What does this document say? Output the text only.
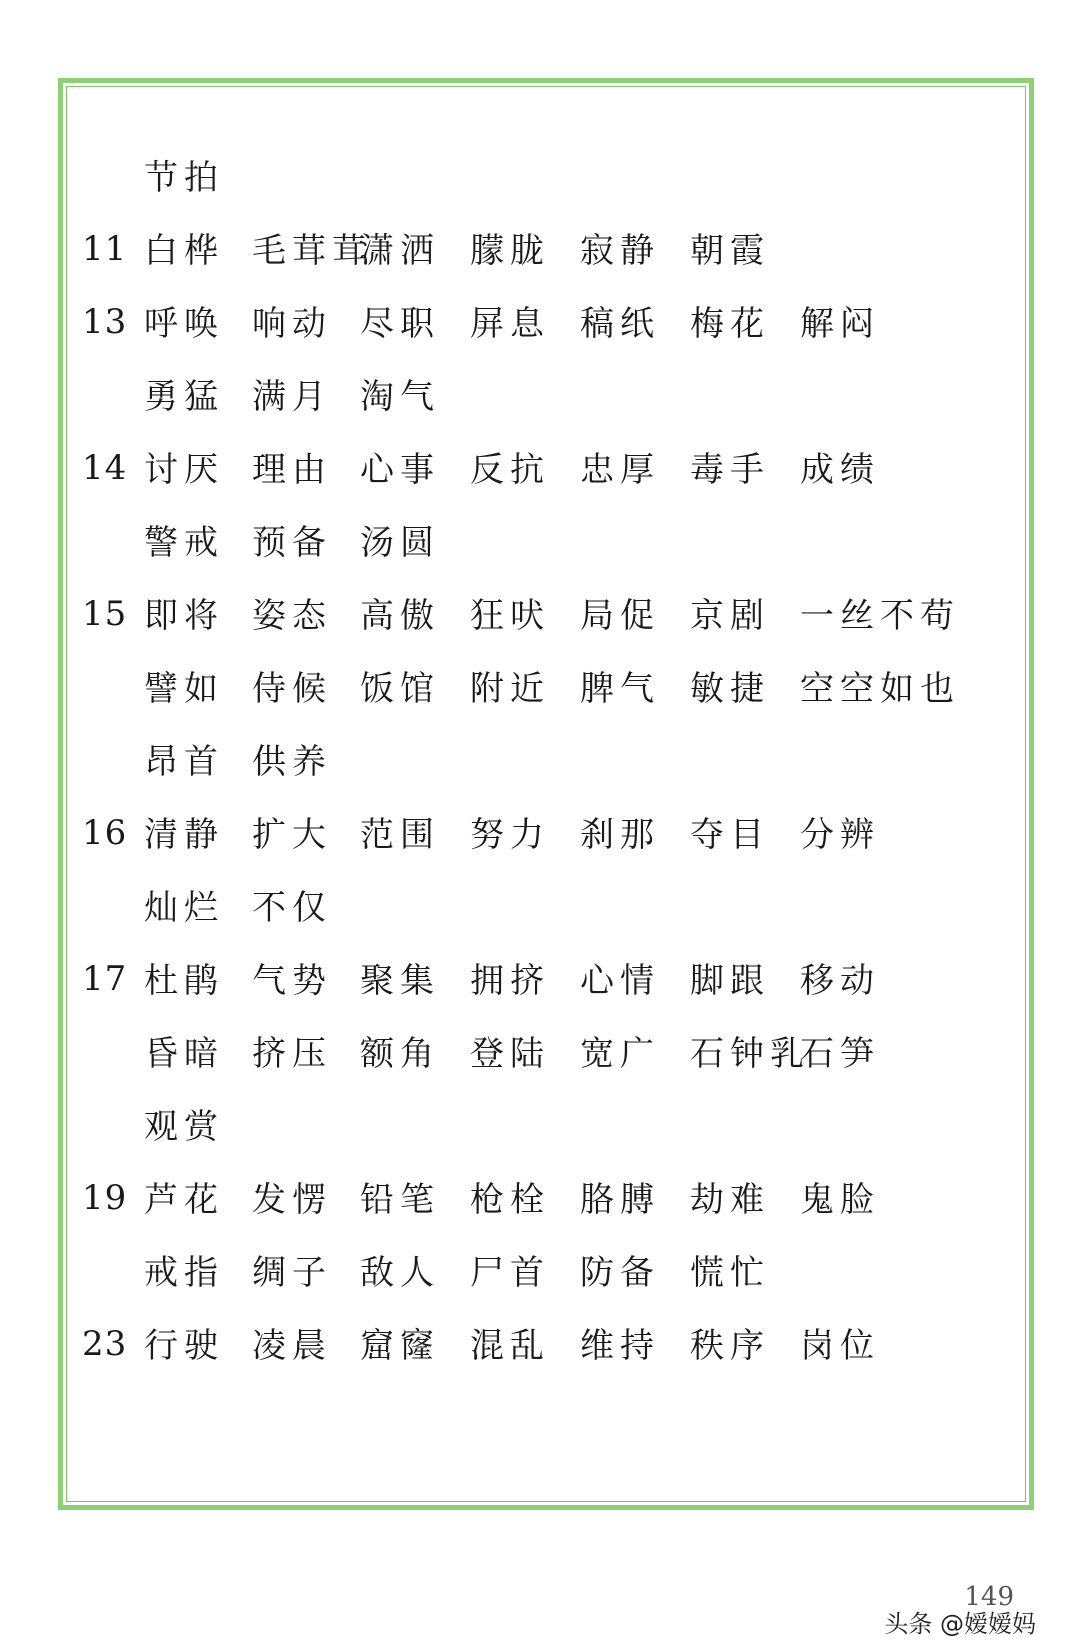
节拍
11 白桦 毛茸茸
潇洒 朦胧 寂静 朝霞
13 呼唤 响动 尽职 屏息 稿纸 梅花 解闷
勇猛 满月 淘气
14 讨厌 理由 心事 反抗 忠厚 毒手 成绩
警戒 预备 汤圆
15 即将 姿态 高傲 狂吠 局促 京剧 一丝不苟
譬如 侍候 饭馆 附近 脾气 敏捷 空空如也
昂首 供养
16 清静 扩大 范围 努力 刹那 夺目 分辨
灿烂 不仅
17 杜鹃 气势 聚集 拥挤 心情 脚跟 移动
昏暗 挤压 额角 登陆 宽广 石钟乳
石笋
观赏
19 芦花 发愣 铅笔 枪栓 胳膊 劫难 鬼脸
戒指 绸子 敌人 尸首 防备 慌忙
23 行驶 凌晨 窟窿 混乱 维持 秩序 岗位
149
头条 @嫒嫒妈
